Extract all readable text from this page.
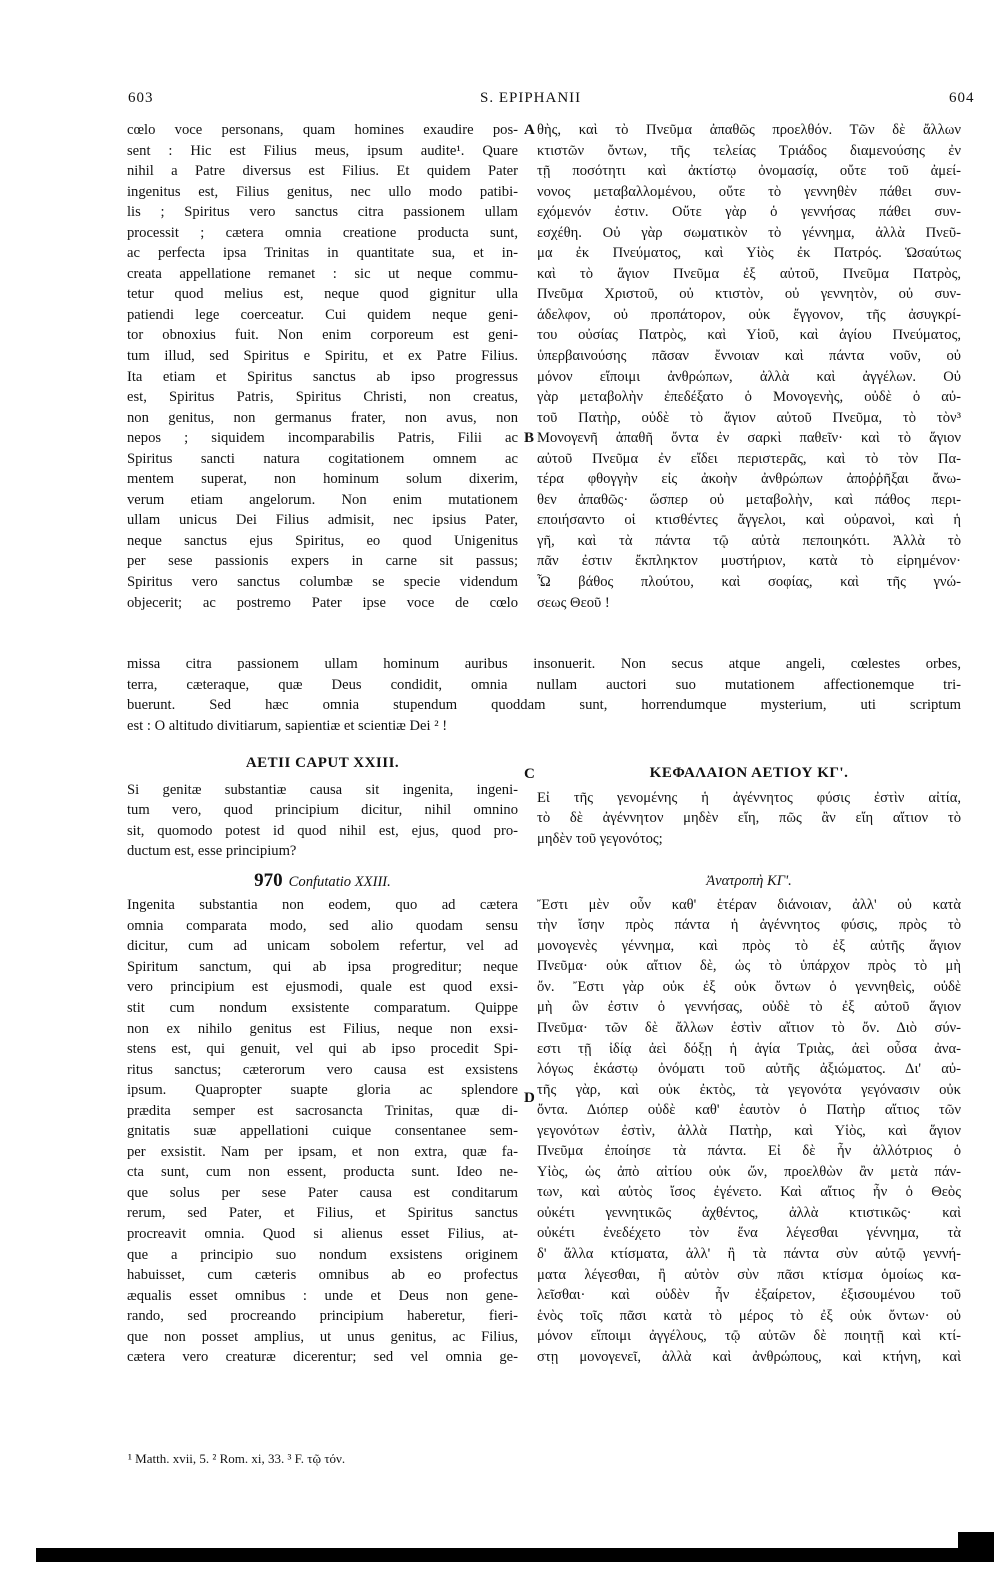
603	S. EPIPHANII	604
cœlo voce personans, quam homines exaudire pos-
sent : Hic est Filius meus, ipsum audite¹. Quare
nihil a Patre diversus est Filius. Et quidem Pater
ingenitus est, Filius genitus, nec ullo modo patibi-
lis ; Spiritus vero sanctus citra passionem ullam
processit ; cætera omnia creatione producta sunt,
ac perfecta ipsa Trinitas in quantitate sua, et in-
creata appellatione remanet : sic ut neque commu-
tetur quod melius est, neque quod gignitur ulla
patiendi lege coerceatur. Cui quidem neque geni-
tor obnoxius fuit. Non enim corporeum est geni-
tum illud, sed Spiritus e Spiritu, et ex Patre Filius.
Ita etiam et Spiritus sanctus ab ipso progressus
est, Spiritus Patris, Spiritus Christi, non creatus,
non genitus, non germanus frater, non avus, non
nepos ; siquidem incomparabilis Patris, Filii ac
Spiritus sancti natura cogitationem omnem ac
mentem superat, non hominum solum dixerim,
verum etiam angelorum. Non enim mutationem
ullam unicus Dei Filius admisit, nec ipsius Pater,
neque sanctus ejus Spiritus, eo quod Unigenitus
per sese passionis expers in carne sit passus;
Spiritus vero sanctus columbæ se specie videndum
objecerit; ac postremo Pater ipse voce de cœlo
θὴς, καὶ τὸ Πνεῦμα ἀπαθῶς προελθόν. Τῶν δὲ ἄλλων
κτιστῶν ὄντων, τῆς τελείας Τριάδος διαμενούσης ἐν
τῇ ποσότητι καὶ ἀκτίστῳ ὀνομασίᾳ, οὔτε τοῦ ἀμεί-
νονος μεταβαλλομένου, οὔτε τὸ γεννηθὲν πάθει συν-
εχόμενόν ἐστιν. Οὔτε γὰρ ὁ γεννήσας πάθει συν-
εσχέθη. Οὐ γὰρ σωματικὸν τὸ γέννημα, ἀλλὰ Πνεῦ-
μα ἐκ Πνεύματος, καὶ Υἱὸς ἐκ Πατρός. Ὡσαύτως
καὶ τὸ ἅγιον Πνεῦμα ἐξ αὐτοῦ, Πνεῦμα Πατρὸς,
Πνεῦμα Χριστοῦ, οὐ κτιστὸν, οὐ γεννητὸν, οὐ συν-
άδελφον, οὐ προπάτορον, οὐκ ἔγγονον, τῆς ἀσυγκρί-
του οὐσίας Πατρὸς, καὶ Υἱοῦ, καὶ ἁγίου Πνεύματος,
ὑπερβαινούσης πᾶσαν ἔννοιαν καὶ πάντα νοῦν, οὐ
μόνον εἴποιμι ἀνθρώπων, ἀλλὰ καὶ ἀγγέλων. Οὐ
γὰρ μεταβολὴν ἐπεδέξατο ὁ Μονογενὴς, οὐδὲ ὁ αὐ-
τοῦ Πατὴρ, οὐδὲ τὸ ἅγιον αὐτοῦ Πνεῦμα, τὸ τὸν³
Μονογενῆ ἀπαθῆ ὄντα ἐν σαρκὶ παθεῖν· καὶ τὸ ἅγιον
αὐτοῦ Πνεῦμα ἐν εἴδει περιστερᾶς, καὶ τὸ τὸν Πα-
τέρα φθογγὴν εἰς ἀκοὴν ἀνθρώπων ἀποῤῥῆξαι ἄνω-
θεν ἀπαθῶς· ὥσπερ οὐ μεταβολὴν, καὶ πάθος περι-
εποιήσαντο οἱ κτισθέντες ἄγγελοι, καὶ οὐρανοὶ, καὶ ἡ
γῆ, καὶ τὰ πάντα τῷ αὐτὰ πεποιηκότι. Ἀλλὰ τὸ
πᾶν ἐστιν ἔκπληκτον μυστήριον, κατὰ τὸ εἰρημένον·
Ὦ βάθος πλούτου, καὶ σοφίας, καὶ τῆς γνώ-
σεως Θεοῦ !
A
B
C
D
missa citra passionem ullam hominum auribus insonuerit. Non secus atque angeli, cœlestes orbes,
terra, cæteraque, quæ Deus condidit, omnia nullam auctori suo mutationem affectionemque tri-
buerunt. Sed hæc omnia stupendum quoddam sunt, horrendumque mysterium, uti scriptum
est : O altitudo divitiarum, sapientiæ et scientiæ Dei ² !
AETII CAPUT XXIII.
Si genitæ substantiæ causa sit ingenita, ingeni-
tum vero, quod principium dicitur, nihil omnino
sit, quomodo potest id quod nihil est, ejus, quod pro-
ductum est, esse principium?
970 Confutatio XXIII.
Ingenita substantia non eodem, quo ad cætera
omnia comparata modo, sed alio quodam sensu
dicitur, cum ad unicam sobolem refertur, vel ad
Spiritum sanctum, qui ab ipsa progreditur; neque
vero principium est ejusmodi, quale est quod exsi-
stit cum nondum exsistente comparatum. Quippe
non ex nihilo genitus est Filius, neque non exsi-
stens est, qui genuit, vel qui ab ipso procedit Spi-
ritus sanctus; cæterorum vero causa est exsistens
ipsum. Quapropter suapte gloria ac splendore
prædita semper est sacrosancta Trinitas, quæ di-
gnitatis suæ appellationi cuique consentanee sem-
per exsistit. Nam per ipsam, et non extra, quæ fa-
cta sunt, cum non essent, producta sunt. Ideo ne-
que solus per sese Pater causa est conditarum
rerum, sed Pater, et Filius, et Spiritus sanctus
procreavit omnia. Quod si alienus esset Filius, at-
que a principio suo nondum exsistens originem
habuisset, cum cæteris omnibus ab eo profectus
æqualis esset omnibus : unde et Deus non gene-
rando, sed procreando principium haberetur, fieri-
que non posset amplius, ut unus genitus, ac Filius,
cætera vero creaturæ dicerentur; sed vel omnia ge-
ΚΕΦΑΛΑΙΟΝ ΑΕΤΙΟΥ ΚΓ'.
Εἰ τῆς γενομένης ἡ ἀγέννητος φύσις ἐστὶν αἰτία,
τὸ δὲ ἀγέννητον μηδὲν εἴη, πῶς ἂν εἴη αἴτιον τὸ
μηδὲν τοῦ γεγονότος;
Ἀνατροπὴ ΚΓ'.
Ἔστι μὲν οὖν καθ' ἑτέραν διάνοιαν, ἀλλ' οὐ κατὰ
τὴν ἴσην πρὸς πάντα ἡ ἀγέννητος φύσις, πρὸς τὸ
μονογενὲς γέννημα, καὶ πρὸς τὸ ἐξ αὐτῆς ἅγιον
Πνεῦμα· οὐκ αἴτιον δὲ, ὡς τὸ ὑπάρχον πρὸς τὸ μὴ
ὄν. Ἔστι γὰρ οὐκ ἐξ οὐκ ὄντων ὁ γεννηθεὶς, οὐδὲ
μὴ ὢν ἐστιν ὁ γεννήσας, οὐδὲ τὸ ἐξ αὐτοῦ ἅγιον
Πνεῦμα· τῶν δὲ ἄλλων ἐστὶν αἴτιον τὸ ὄν. Διὸ σύν-
εστι τῇ ἰδίᾳ ἀεὶ δόξῃ ἡ ἁγία Τριὰς, ἀεὶ οὖσα ἀνα-
λόγως ἑκάστῳ ὀνόματι τοῦ αὐτῆς ἀξιώματος. Δι' αὐ-
τῆς γὰρ, καὶ οὐκ ἐκτὸς, τὰ γεγονότα γεγόνασιν οὐκ
ὄντα. Διόπερ οὐδὲ καθ' ἑαυτὸν ὁ Πατὴρ αἴτιος τῶν
γεγονότων ἐστὶν, ἀλλὰ Πατὴρ, καὶ Υἱὸς, καὶ ἅγιον
Πνεῦμα ἐποίησε τὰ πάντα. Εἰ δὲ ἦν ἀλλότριος ὁ
Υἱὸς, ὡς ἀπὸ αἰτίου οὐκ ὤν, προελθὼν ἂν μετὰ πάν-
των, καὶ αὐτὸς ἴσος ἐγένετο. Καὶ αἴτιος ἦν ὁ Θεὸς
οὐκέτι γεννητικῶς ἀχθέντος, ἀλλὰ κτιστικῶς· καὶ
οὐκέτι ἐνεδέχετο τὸν ἕνα λέγεσθαι γέννημα, τὰ
δ' ἄλλα κτίσματα, ἀλλ' ἢ τὰ πάντα σὺν αὐτῷ γεννή-
ματα λέγεσθαι, ἢ αὐτὸν σὺν πᾶσι κτίσμα ὁμοίως κα-
λεῖσθαι· καὶ οὐδὲν ἦν ἐξαίρετον, ἐξισουμένου τοῦ
ἑνὸς τοῖς πᾶσι κατὰ τὸ μέρος τὸ ἐξ οὐκ ὄντων· οὐ
μόνον εἴποιμι ἀγγέλους, τῷ αὐτῶν δὲ ποιητῇ καὶ κτί-
στῃ μονογενεῖ, ἀλλὰ καὶ ἀνθρώπους, καὶ κτήνη, καὶ
¹ Matth. xvii, 5. ² Rom. xi, 33. ³ F. τῷ τόν.
